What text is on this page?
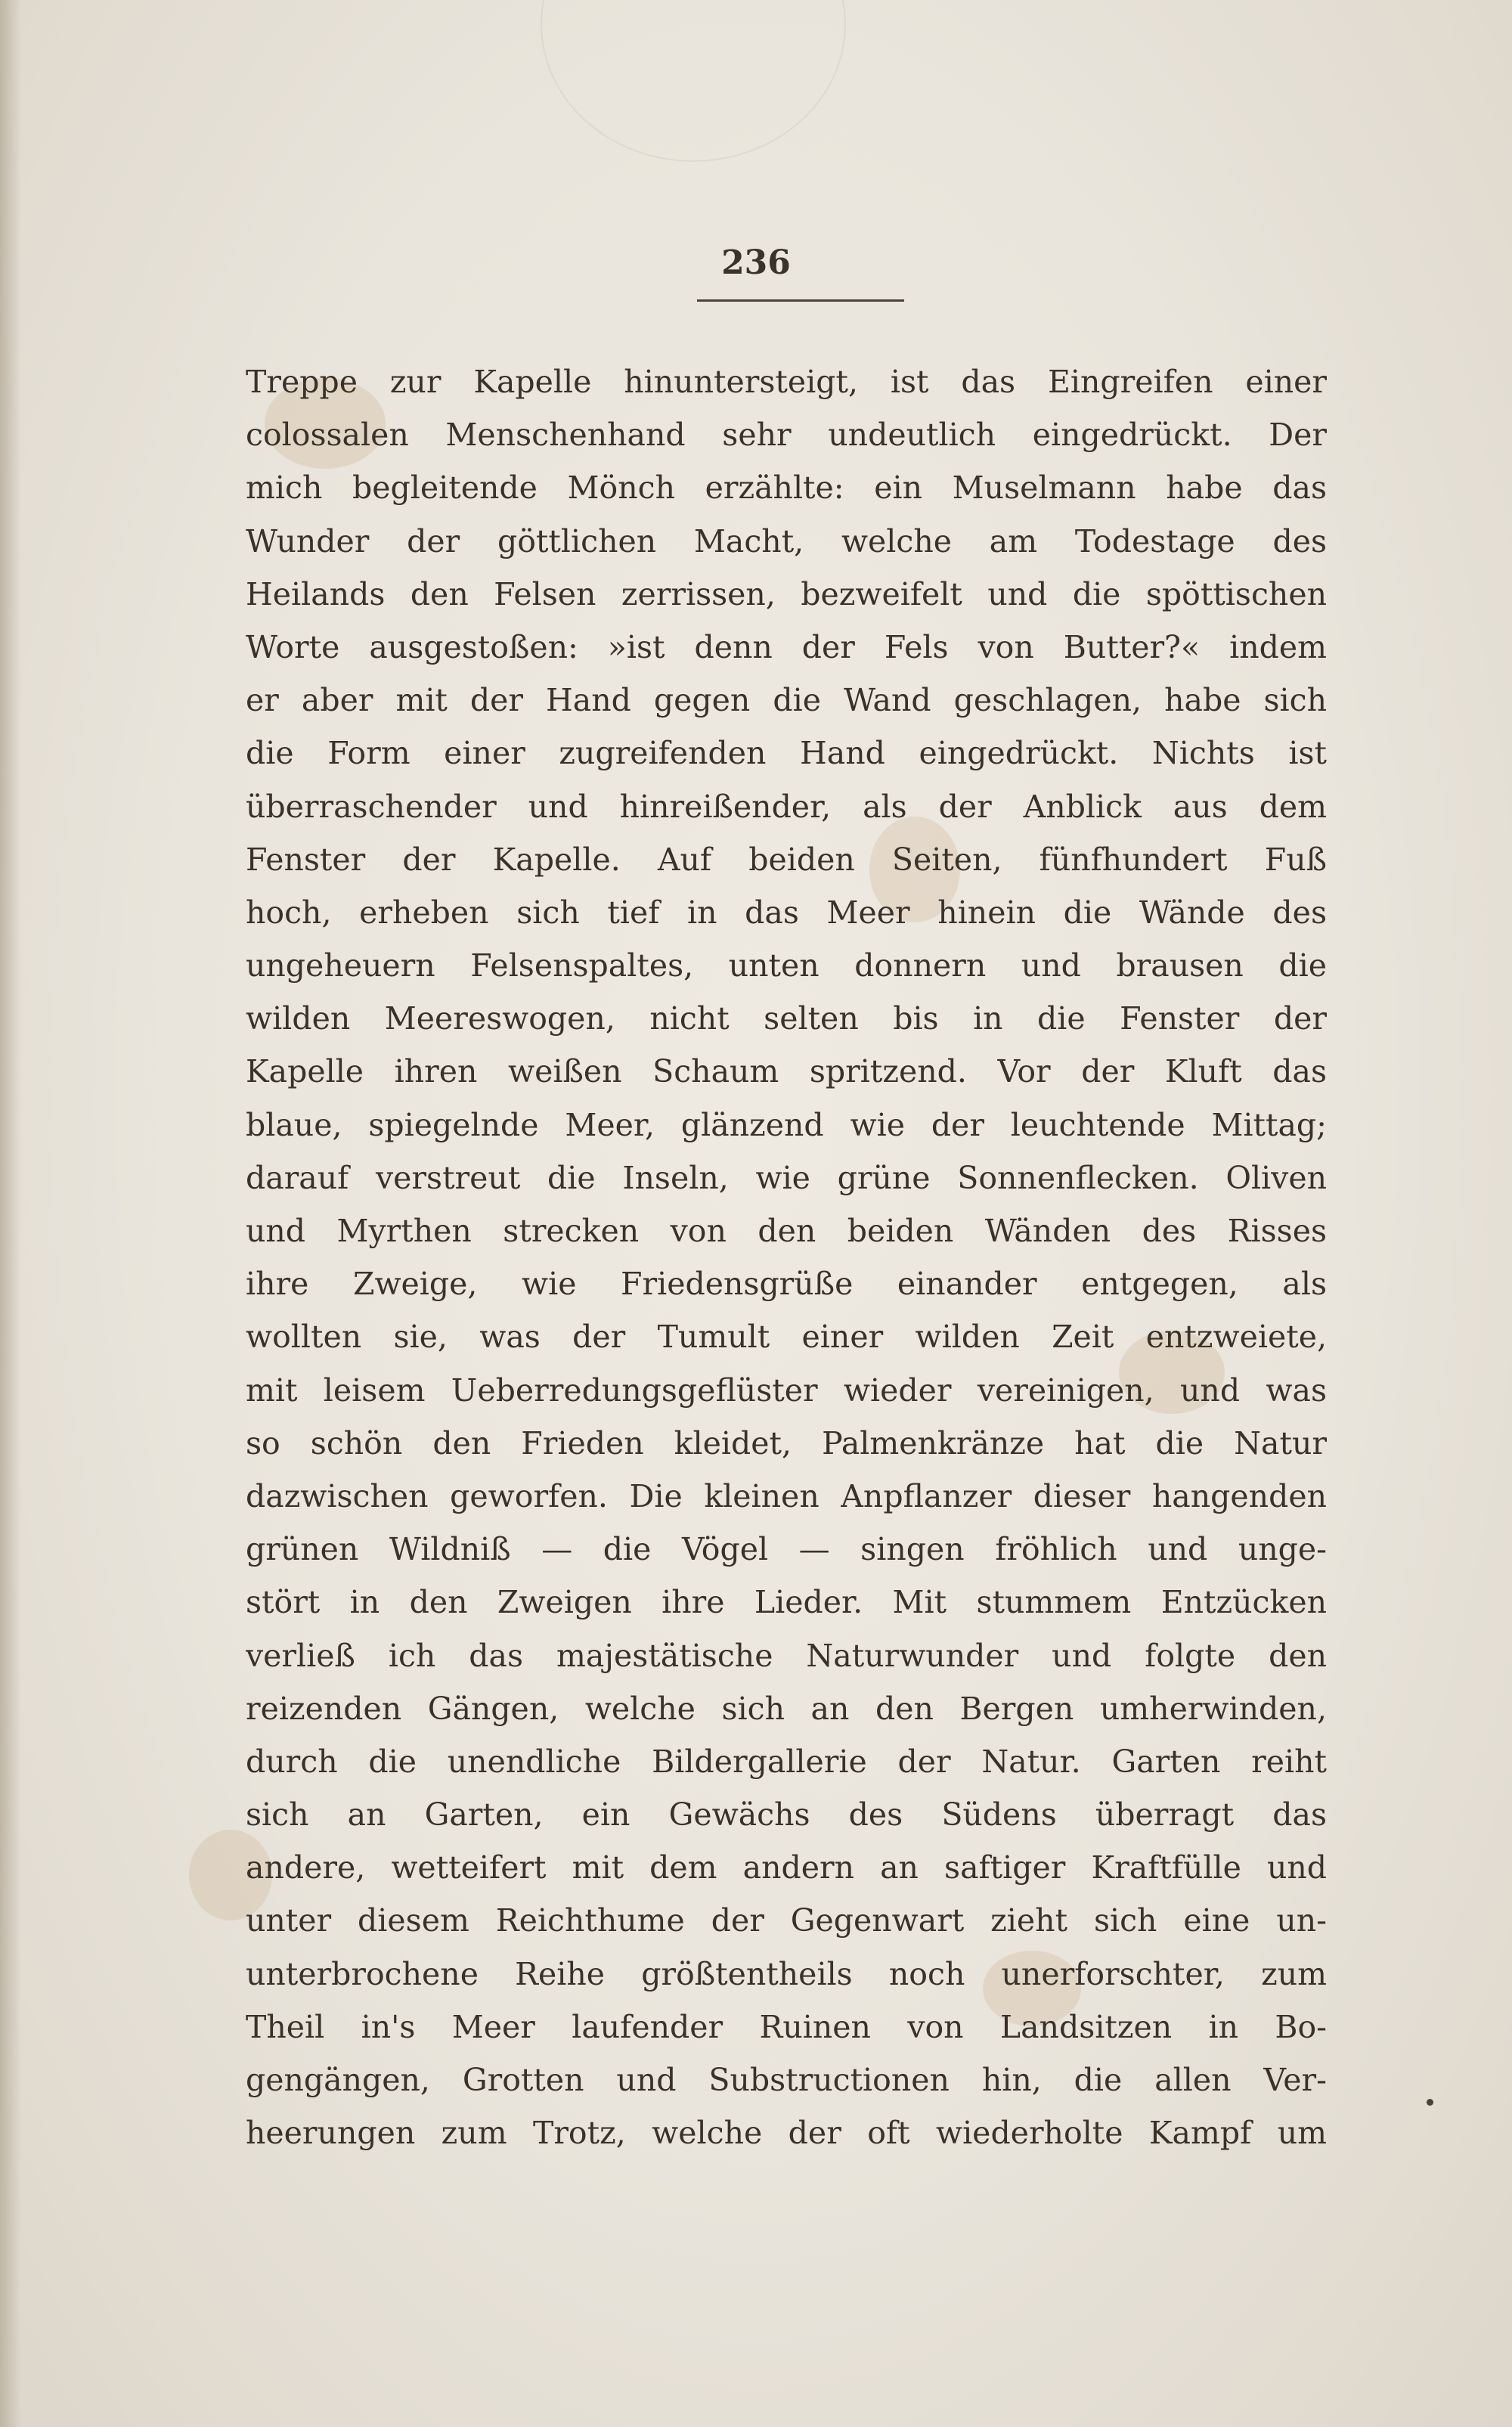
236
Treppe zur Kapelle hinuntersteigt, ist das Eingreifen einer
colossalen Menschenhand sehr undeutlich eingedrückt. Der
mich begleitende Mönch erzählte: ein Muselmann habe das
Wunder der göttlichen Macht, welche am Todestage des
Heilands den Felsen zerrissen, bezweifelt und die spöttischen
Worte ausgestoßen: »ist denn der Fels von Butter?« indem
er aber mit der Hand gegen die Wand geschlagen, habe sich
die Form einer zugreifenden Hand eingedrückt. Nichts ist
überraschender und hinreißender, als der Anblick aus dem
Fenster der Kapelle. Auf beiden Seiten, fünfhundert Fuß
hoch, erheben sich tief in das Meer hinein die Wände des
ungeheuern Felsenspaltes, unten donnern und brausen die
wilden Meereswogen, nicht selten bis in die Fenster der
Kapelle ihren weißen Schaum spritzend. Vor der Kluft das
blaue, spiegelnde Meer, glänzend wie der leuchtende Mittag;
darauf verstreut die Inseln, wie grüne Sonnenflecken. Oliven
und Myrthen strecken von den beiden Wänden des Risses
ihre Zweige, wie Friedensgrüße einander entgegen, als
wollten sie, was der Tumult einer wilden Zeit entzweiete,
mit leisem Ueberredungsgeflüster wieder vereinigen, und was
so schön den Frieden kleidet, Palmenkränze hat die Natur
dazwischen geworfen. Die kleinen Anpflanzer dieser hangenden
grünen Wildniß — die Vögel — singen fröhlich und unge-
stört in den Zweigen ihre Lieder. Mit stummem Entzücken
verließ ich das majestätische Naturwunder und folgte den
reizenden Gängen, welche sich an den Bergen umherwinden,
durch die unendliche Bildergallerie der Natur. Garten reiht
sich an Garten, ein Gewächs des Südens überragt das
andere, wetteifert mit dem andern an saftiger Kraftfülle und
unter diesem Reichthume der Gegenwart zieht sich eine un-
unterbrochene Reihe größtentheils noch unerforschter, zum
Theil in's Meer laufender Ruinen von Landsitzen in Bo-
gengängen, Grotten und Substructionen hin, die allen Ver-
heerungen zum Trotz, welche der oft wiederholte Kampf um
